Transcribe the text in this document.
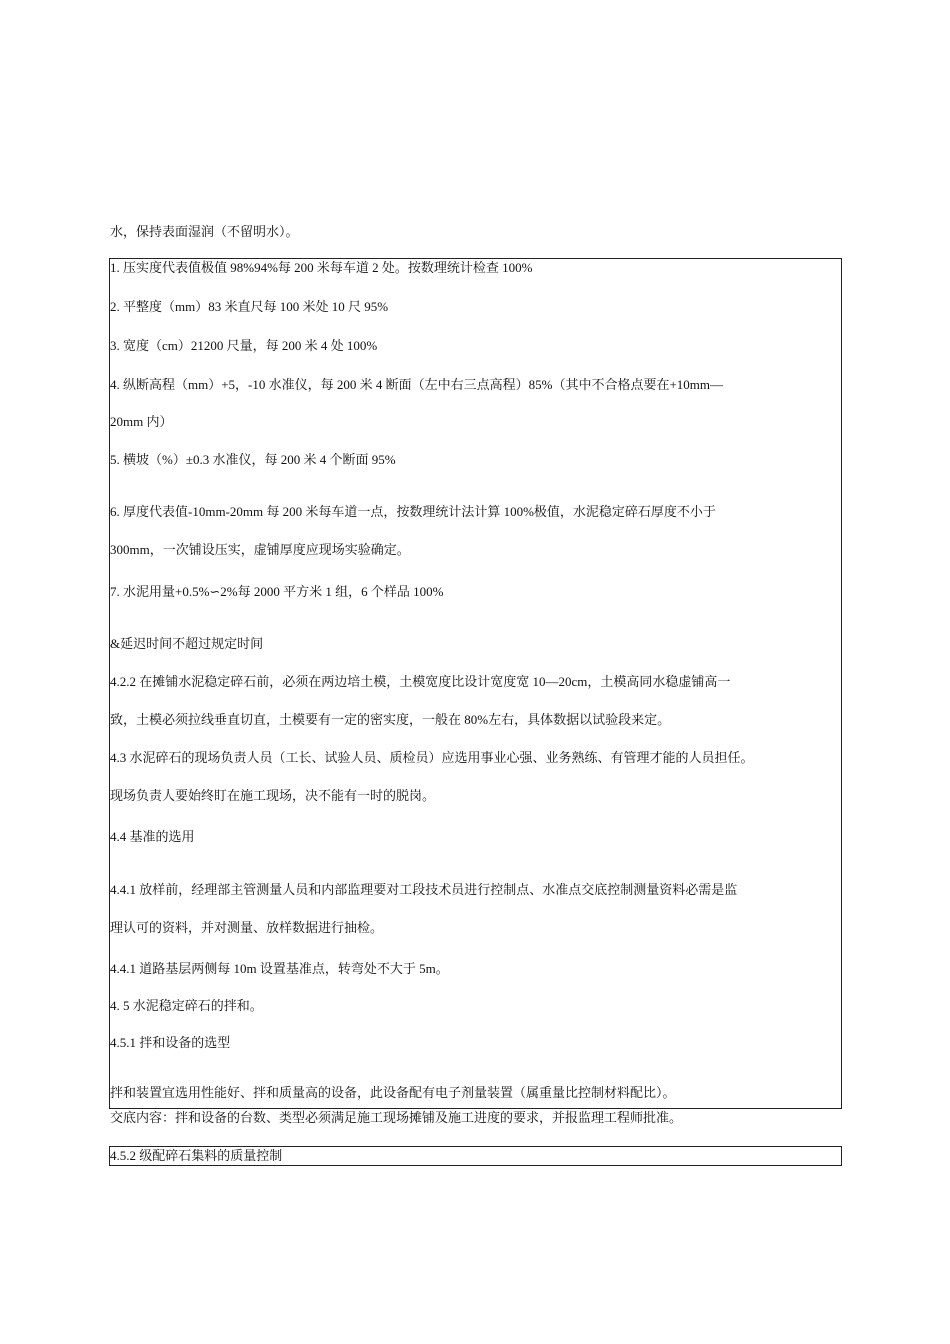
水，保持表面湿润（不留明水）。
1. 压实度代表值极值 98%94%每 200 米每车道 2 处。按数理统计检查 100%
2. 平整度（mm）83 米直尺每 100 米处 10 尺 95%
3. 宽度（cm）21200 尺量，每 200 米 4 处 100%
4. 纵断高程（mm）+5，-10 水准仪，每 200 米 4 断面（左中右三点高程）85%（其中不合格点要在+10mm—
20mm 内）
5. 横坡（%）±0.3 水准仪，每 200 米 4 个断面 95%
6. 厚度代表值-10mm-20mm 每 200 米每车道一点，按数理统计法计算 100%极值，水泥稳定碎石厚度不小于
300mm，一次铺设压实，虚铺厚度应现场实验确定。
7. 水泥用量+0.5%∽2%每 2000 平方米 1 组，6 个样品 100%
&延迟时间不超过规定时间
4.2.2 在摊铺水泥稳定碎石前，必须在两边培土模，土模宽度比设计宽度宽 10—20cm，土模高同水稳虚铺高一
致，土模必须拉线垂直切直，土模要有一定的密实度，一般在 80%左右，具体数据以试验段来定。
4.3 水泥碎石的现场负责人员（工长、试验人员、质检员）应选用事业心强、业务熟练、有管理才能的人员担任。
现场负责人要始终盯在施工现场，决不能有一时的脱岗。
4.4 基准的选用
4.4.1 放样前，经理部主管测量人员和内部监理要对工段技术员进行控制点、水准点交底控制测量资料必需是监
理认可的资料，并对测量、放样数据进行抽检。
4.4.1 道路基层两侧每 10m 设置基准点，转弯处不大于 5m。
4. 5 水泥稳定碎石的拌和。
4.5.1 拌和设备的选型
拌和装置宜选用性能好、拌和质量高的设备，此设备配有电子剂量装置（属重量比控制材料配比）。
交底内容：拌和设备的台数、类型必须满足施工现场摊铺及施工进度的要求，并报监理工程师批准。
4.5.2 级配碎石集料的质量控制
